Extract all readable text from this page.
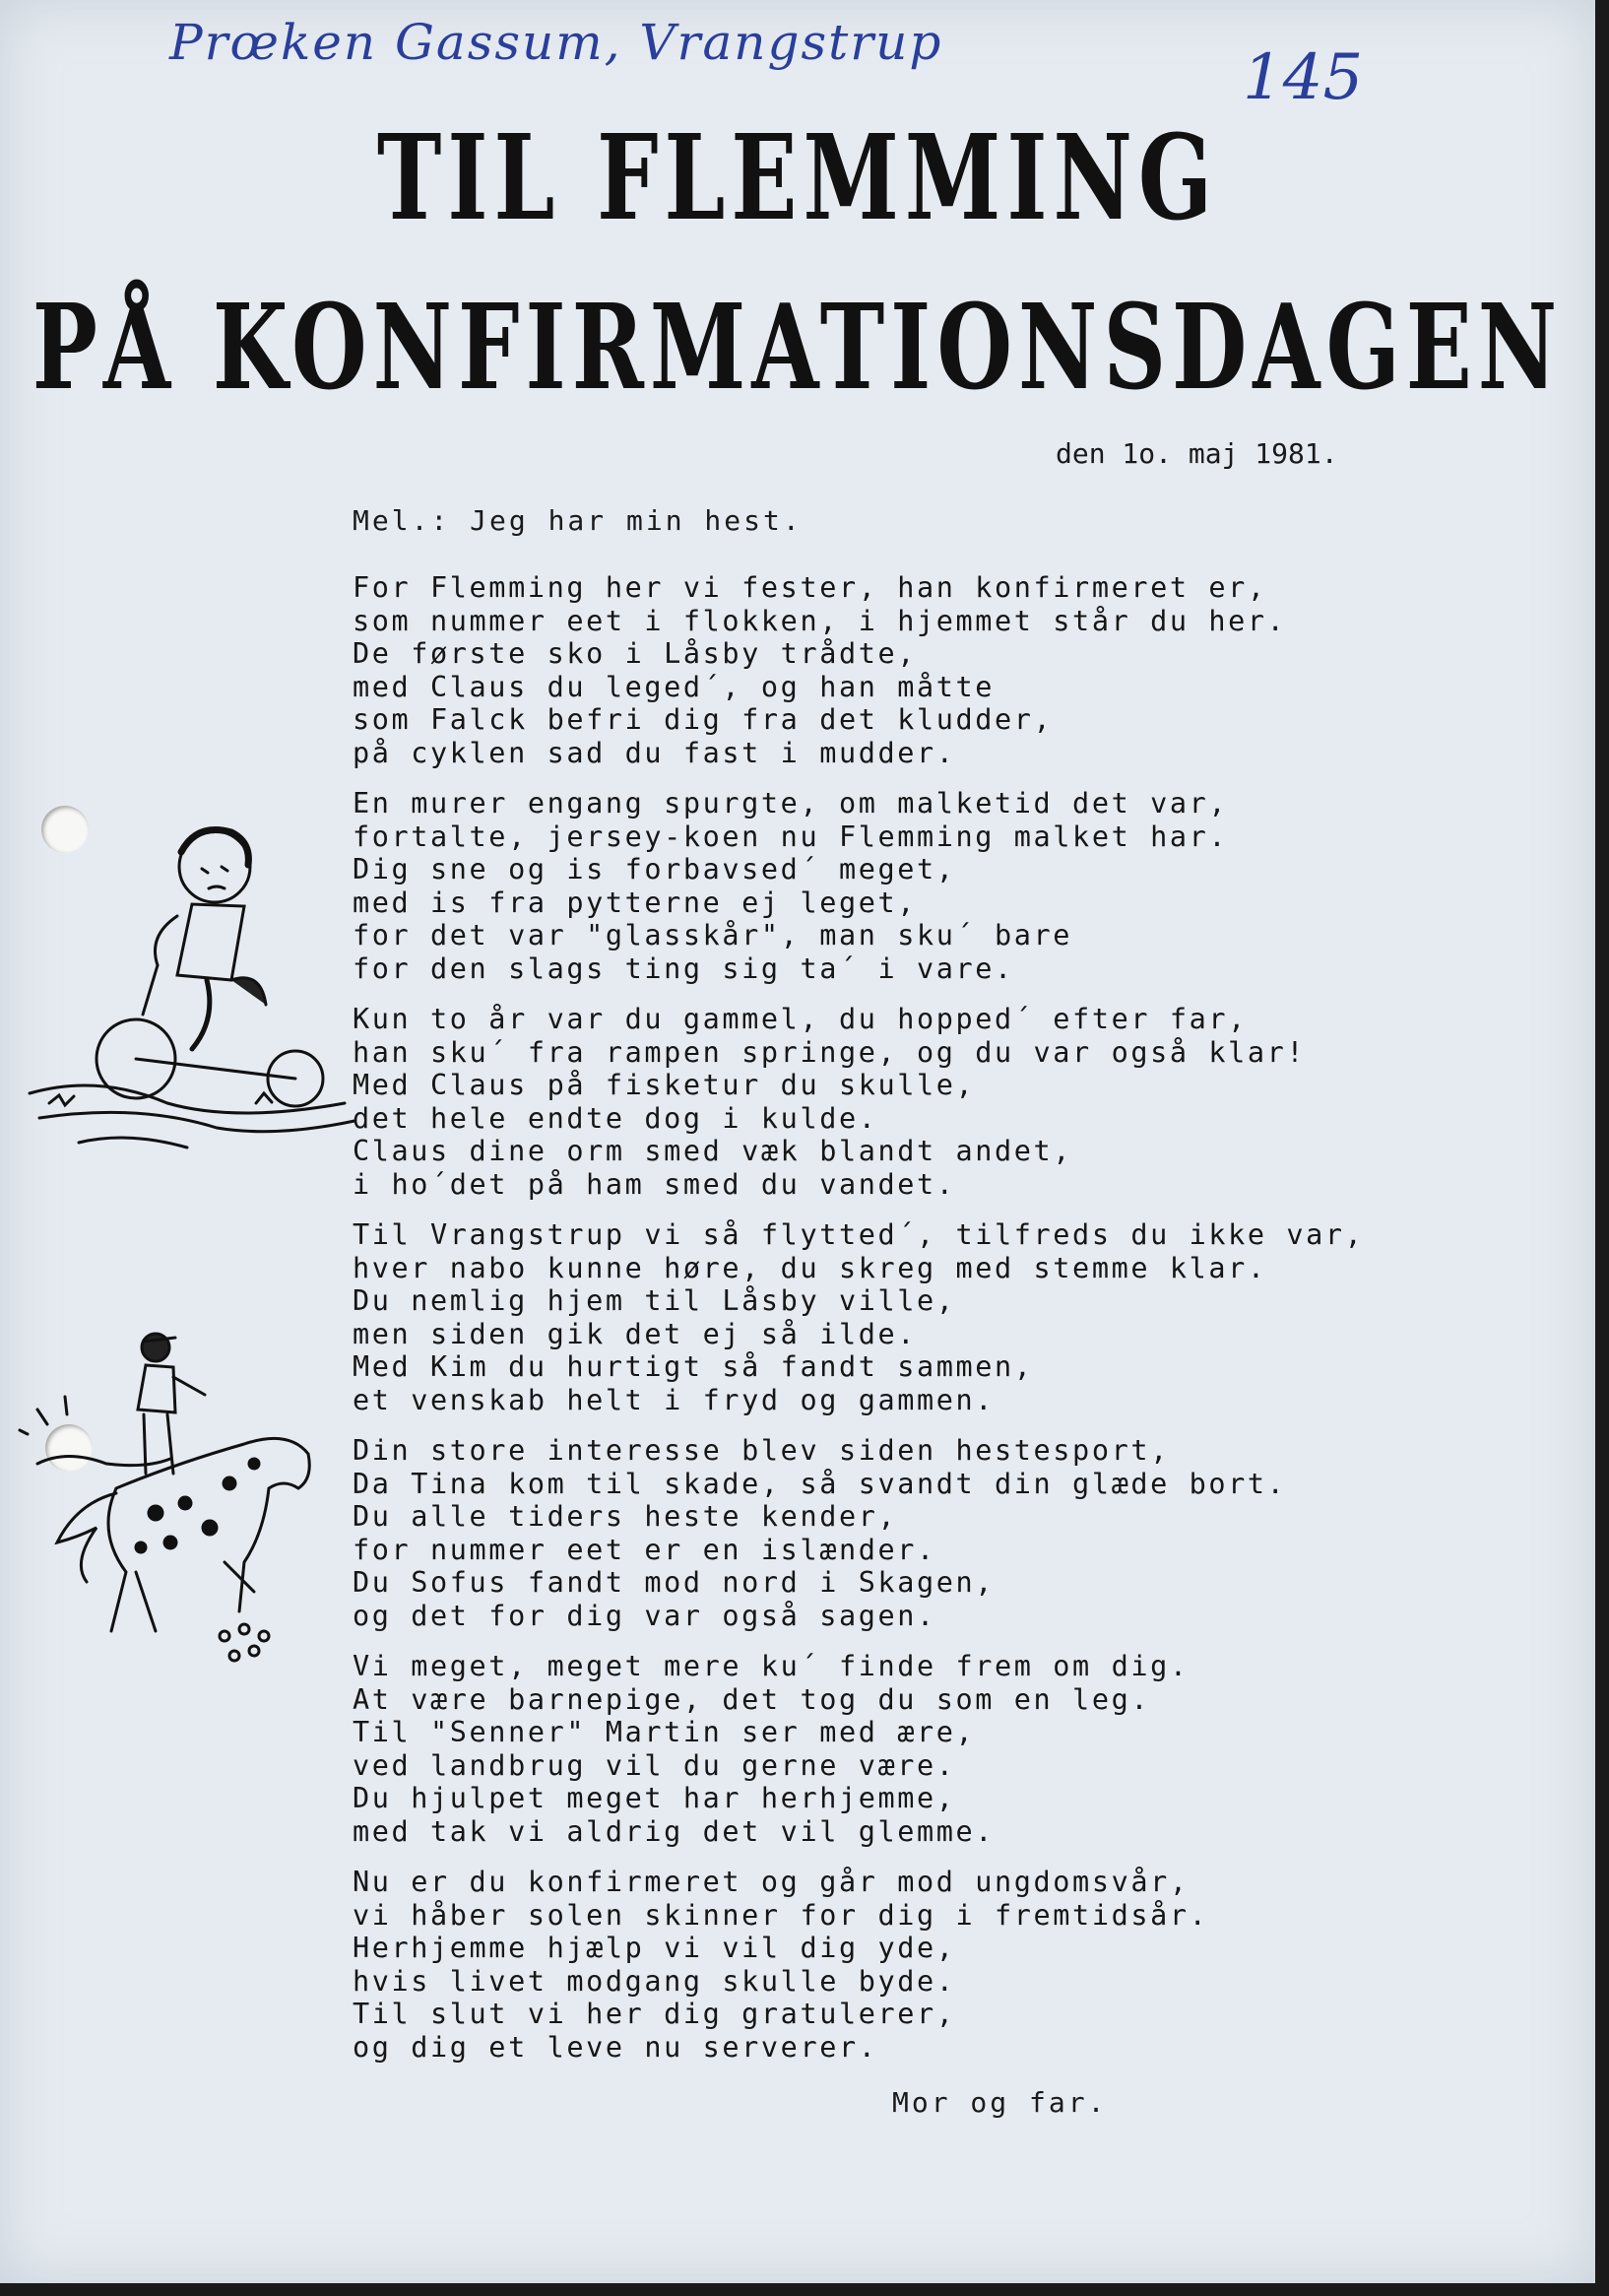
Prœken Gassum, Vrangstrup	145
TIL FLEMMING
PÅ KONFIRMATIONSDAGEN
den 1o. maj 1981.
Mel.: Jeg har min hest.
For Flemming her vi fester, han konfirmeret er,
som nummer eet i flokken, i hjemmet står du her.
De første sko i Låsby trådte,
med Claus du leged´, og han måtte
som Falck befri dig fra det kludder,
på cyklen sad du fast i mudder.
En murer engang spurgte, om malketid det var,
fortalte, jersey-koen nu Flemming malket har.
Dig sne og is forbavsed´ meget,
med is fra pytterne ej leget,
for det var "glasskår", man sku´ bare
for den slags ting sig ta´ i vare.
Kun to år var du gammel, du hopped´ efter far,
han sku´ fra rampen springe, og du var også klar!
Med Claus på fisketur du skulle,
det hele endte dog i kulde.
Claus dine orm smed væk blandt andet,
i ho´det på ham smed du vandet.
Til Vrangstrup vi så flytted´, tilfreds du ikke var,
hver nabo kunne høre, du skreg med stemme klar.
Du nemlig hjem til Låsby ville,
men siden gik det ej så ilde.
Med Kim du hurtigt så fandt sammen,
et venskab helt i fryd og gammen.
Din store interesse blev siden hestesport,
Da Tina kom til skade, så svandt din glæde bort.
Du alle tiders heste kender,
for nummer eet er en islænder.
Du Sofus fandt mod nord i Skagen,
og det for dig var også sagen.
Vi meget, meget mere ku´ finde frem om dig.
At være barnepige, det tog du som en leg.
Til "Senner" Martin ser med ære,
ved landbrug vil du gerne være.
Du hjulpet meget har herhjemme,
med tak vi aldrig det vil glemme.
Nu er du konfirmeret og går mod ungdomsvår,
vi håber solen skinner for dig i fremtidsår.
Herhjemme hjælp vi vil dig yde,
hvis livet modgang skulle byde.
Til slut vi her dig gratulerer,
og dig et leve nu serverer.
Mor og far.
